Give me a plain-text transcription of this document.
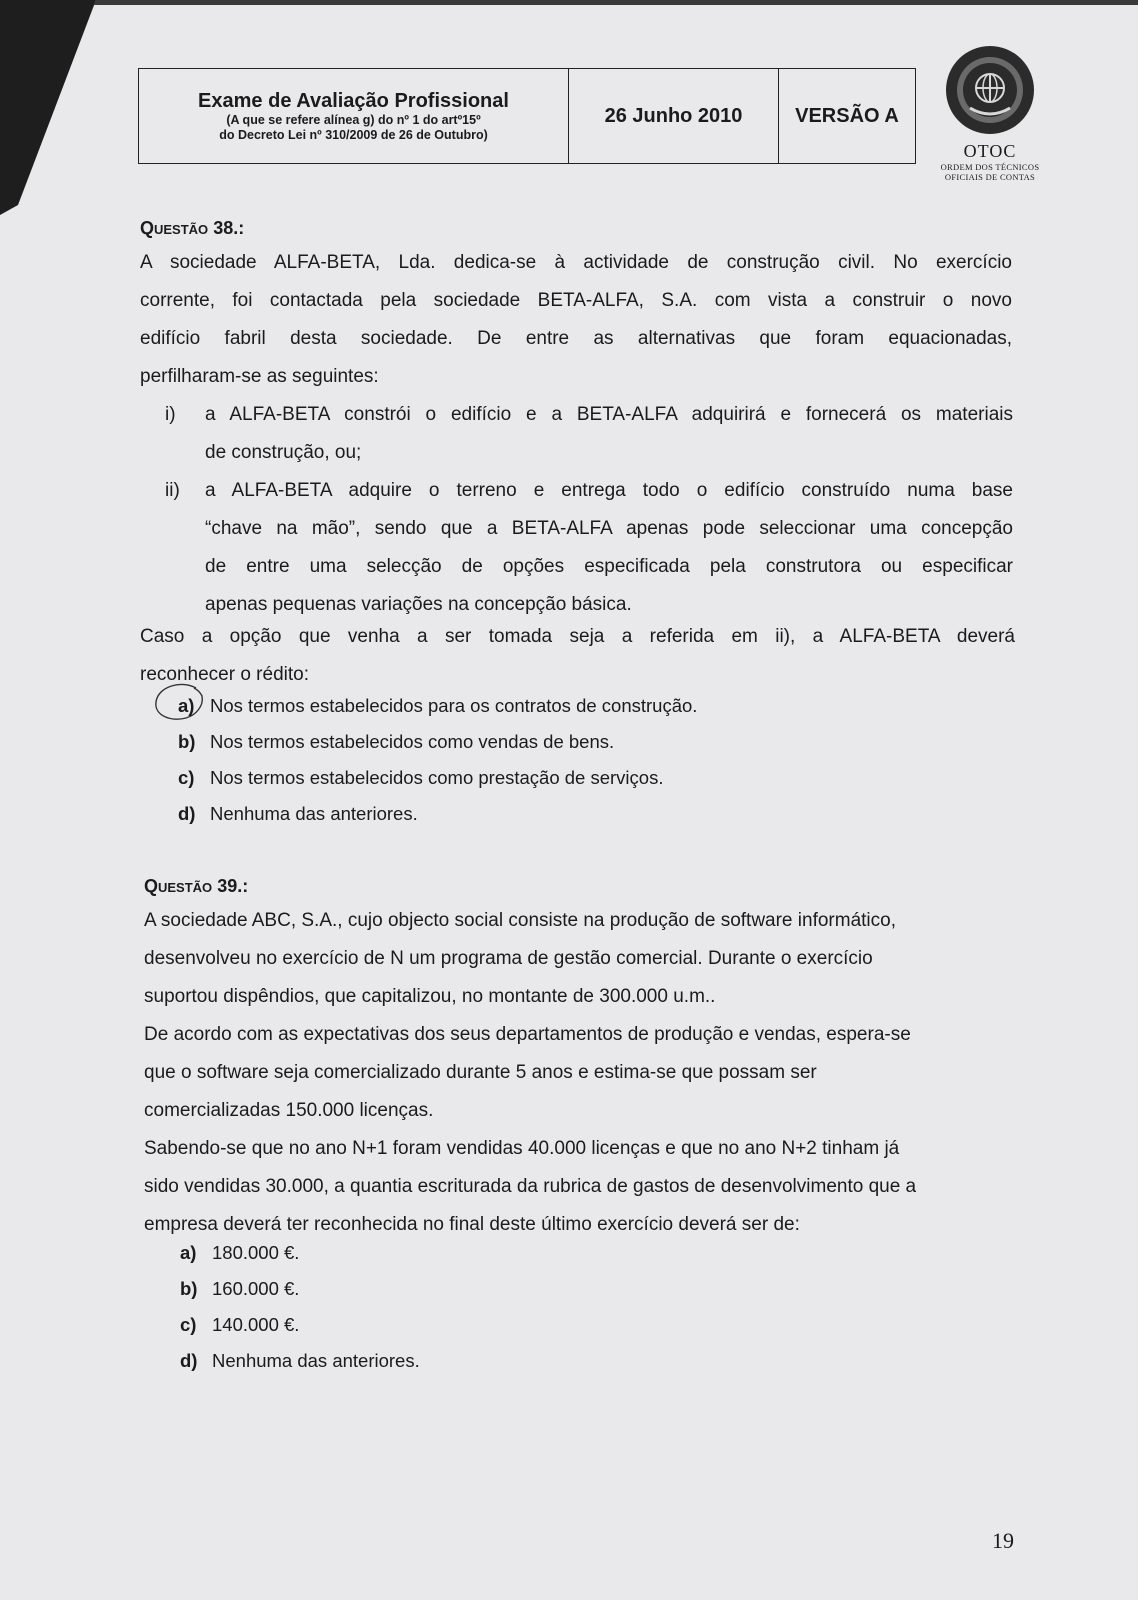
Exame de Avaliação Profissional
(A que se refere alínea g) do nº 1 do artº15º
do Decreto Lei nº 310/2009 de 26 de Outubro)
26 Junho 2010	VERSÃO A
OTOC
ORDEM DOS TÉCNICOS
OFICIAIS DE CONTAS
Questão 38.:
A sociedade ALFA-BETA, Lda. dedica-se à actividade de construção civil. No exercício
corrente, foi contactada pela sociedade BETA-ALFA, S.A. com vista a construir o novo
edifício fabril desta sociedade. De entre as alternativas que foram equacionadas,
perfilharam-se as seguintes:
i) a ALFA-BETA constrói o edifício e a BETA-ALFA adquirirá e fornecerá os materiais
de construção, ou;
ii) a ALFA-BETA adquire o terreno e entrega todo o edifício construído numa base
“chave na mão”, sendo que a BETA-ALFA apenas pode seleccionar uma concepção
de entre uma selecção de opções especificada pela construtora ou especificar
apenas pequenas variações na concepção básica.
Caso a opção que venha a ser tomada seja a referida em ii), a ALFA-BETA deverá
reconhecer o rédito:
a) Nos termos estabelecidos para os contratos de construção.
b) Nos termos estabelecidos como vendas de bens.
c) Nos termos estabelecidos como prestação de serviços.
d) Nenhuma das anteriores.
Questão 39.:
A sociedade ABC, S.A., cujo objecto social consiste na produção de software informático,
desenvolveu no exercício de N um programa de gestão comercial. Durante o exercício
suportou dispêndios, que capitalizou, no montante de 300.000 u.m..
De acordo com as expectativas dos seus departamentos de produção e vendas, espera-se
que o software seja comercializado durante 5 anos e estima-se que possam ser
comercializadas 150.000 licenças.
Sabendo-se que no ano N+1 foram vendidas 40.000 licenças e que no ano N+2 tinham já
sido vendidas 30.000, a quantia escriturada da rubrica de gastos de desenvolvimento que a
empresa deverá ter reconhecida no final deste último exercício deverá ser de:
a) 180.000 €.
b) 160.000 €.
c) 140.000 €.
d) Nenhuma das anteriores.
19
